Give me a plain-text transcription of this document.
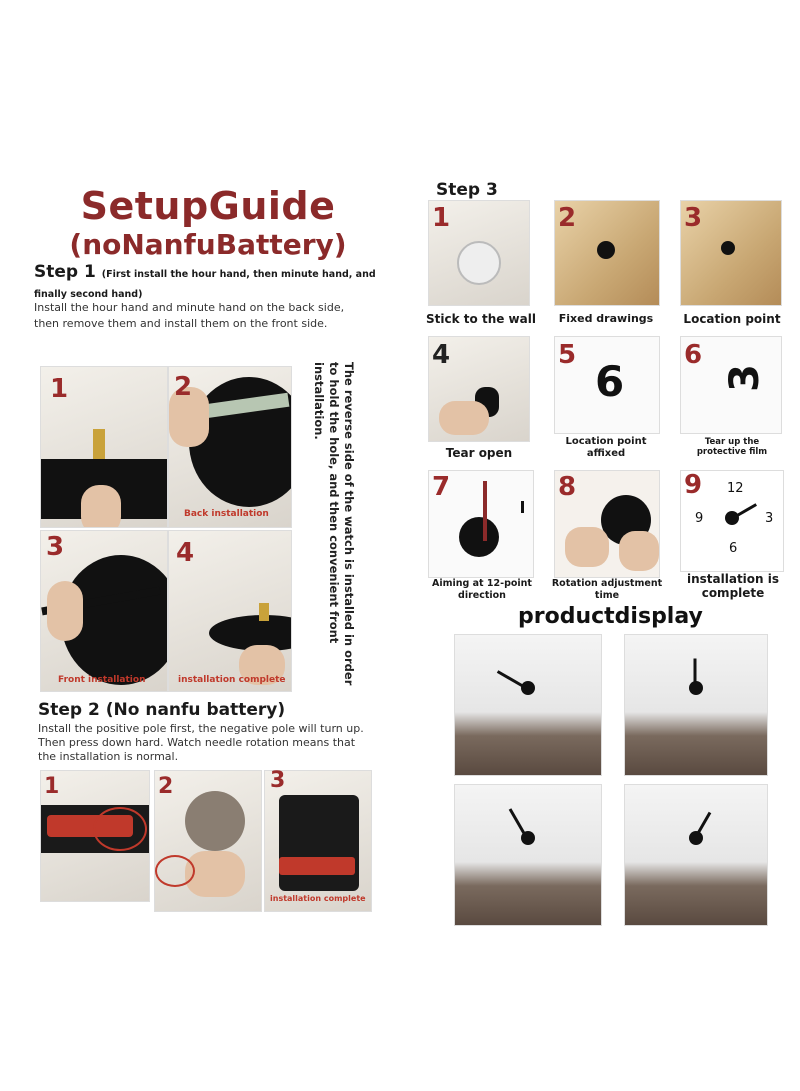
SetupGuide
(noNanfuBattery)
Step 1 (First install the hour hand, then minute hand, and finally second hand)
Install the hour hand and minute hand on the back side, then remove them and install them on the front side.
1	2
Back installation
3
Front installation
4
installation complete	The reverse side of the watch is installed in order to hold the hole, and then convenient front installation.
Step 2 (No nanfu battery)
Install the positive pole first, the negative pole will turn up. Then press down hard. Watch needle rotation means that the installation is normal.
1	2	3
installation complete
Step 3
1
Stick to the wall
2
Fixed drawings
3
Location point
4
Tear open
6
5
Location point affixed
3
6
Tear up the protective film
7
Aiming at 12-point direction
8
Rotation adjustment time
12
3
6
9
9
installation is complete
productdisplay
